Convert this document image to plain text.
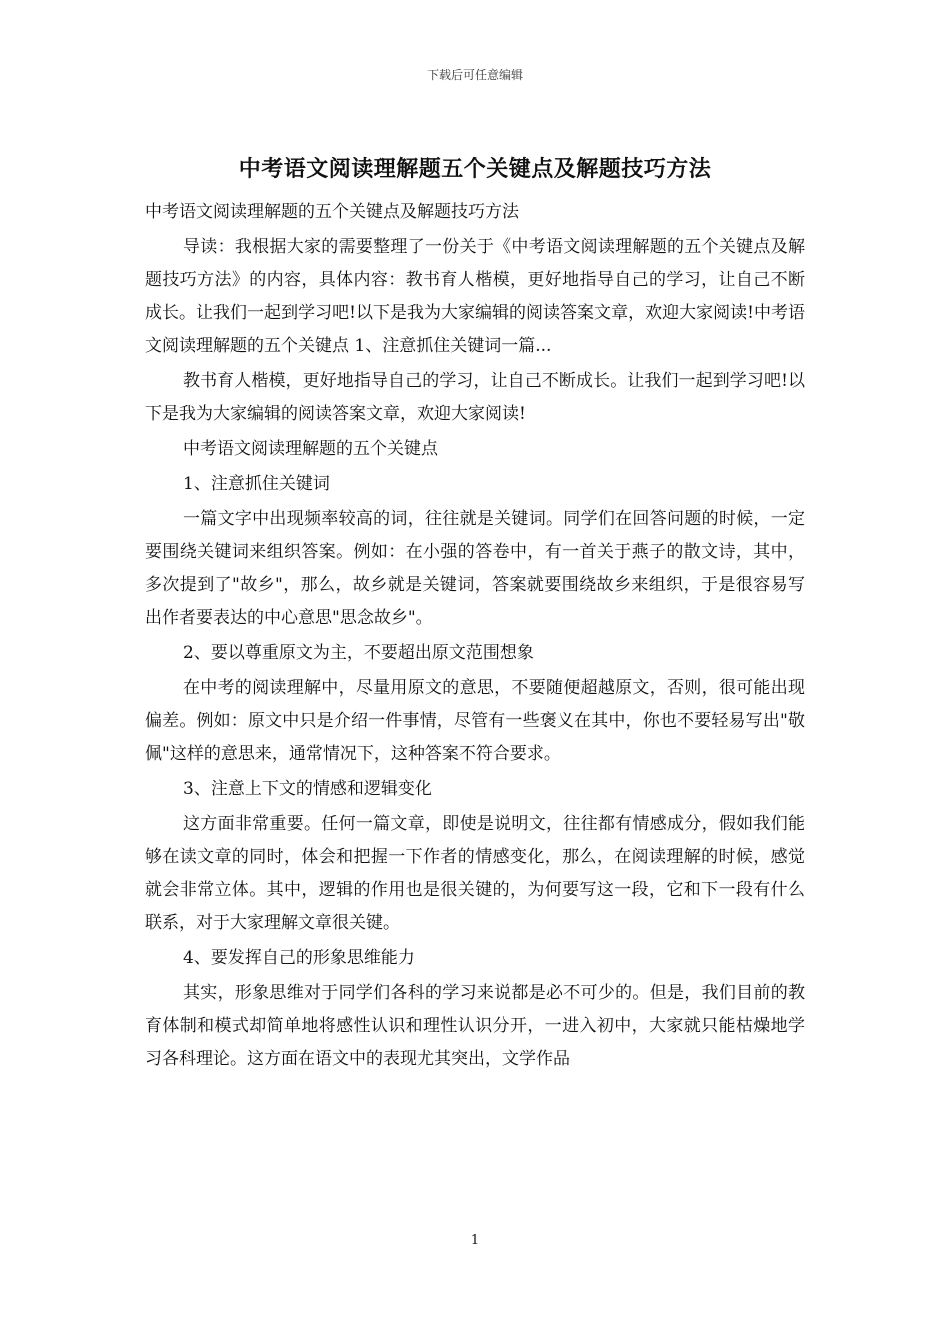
下载后可任意编辑
中考语文阅读理解题五个关键点及解题技巧方法

中考语文阅读理解题的五个关键点及解题技巧方法

导读：我根据大家的需要整理了一份关于《中考语文阅读理解题的五个关键点及解题技巧方法》的内容，具体内容：教书育人楷模，更好地指导自己的学习，让自己不断成长。让我们一起到学习吧!以下是我为大家编辑的阅读答案文章，欢迎大家阅读!中考语文阅读理解题的五个关键点 1、注意抓住关键词一篇...

教书育人楷模，更好地指导自己的学习，让自己不断成长。让我们一起到学习吧!以下是我为大家编辑的阅读答案文章，欢迎大家阅读!

中考语文阅读理解题的五个关键点

1、注意抓住关键词

一篇文字中出现频率较高的词，往往就是关键词。同学们在回答问题的时候，一定要围绕关键词来组织答案。例如：在小强的答卷中，有一首关于燕子的散文诗，其中，多次提到了"故乡"，那么，故乡就是关键词，答案就要围绕故乡来组织，于是很容易写出作者要表达的中心意思"思念故乡"。

2、要以尊重原文为主，不要超出原文范围想象

在中考的阅读理解中，尽量用原文的意思，不要随便超越原文，否则，很可能出现偏差。例如：原文中只是介绍一件事情，尽管有一些褒义在其中，你也不要轻易写出"敬佩"这样的意思来，通常情况下，这种答案不符合要求。

3、注意上下文的情感和逻辑变化

这方面非常重要。任何一篇文章，即使是说明文，往往都有情感成分，假如我们能够在读文章的同时，体会和把握一下作者的情感变化，那么，在阅读理解的时候，感觉就会非常立体。其中，逻辑的作用也是很关键的，为何要写这一段，它和下一段有什么联系，对于大家理解文章很关键。

4、要发挥自己的形象思维能力

其实，形象思维对于同学们各科的学习来说都是必不可少的。但是，我们目前的教育体制和模式却简单地将感性认识和理性认识分开，一进入初中，大家就只能枯燥地学习各科理论。这方面在语文中的表现尤其突出，文学作品

1
